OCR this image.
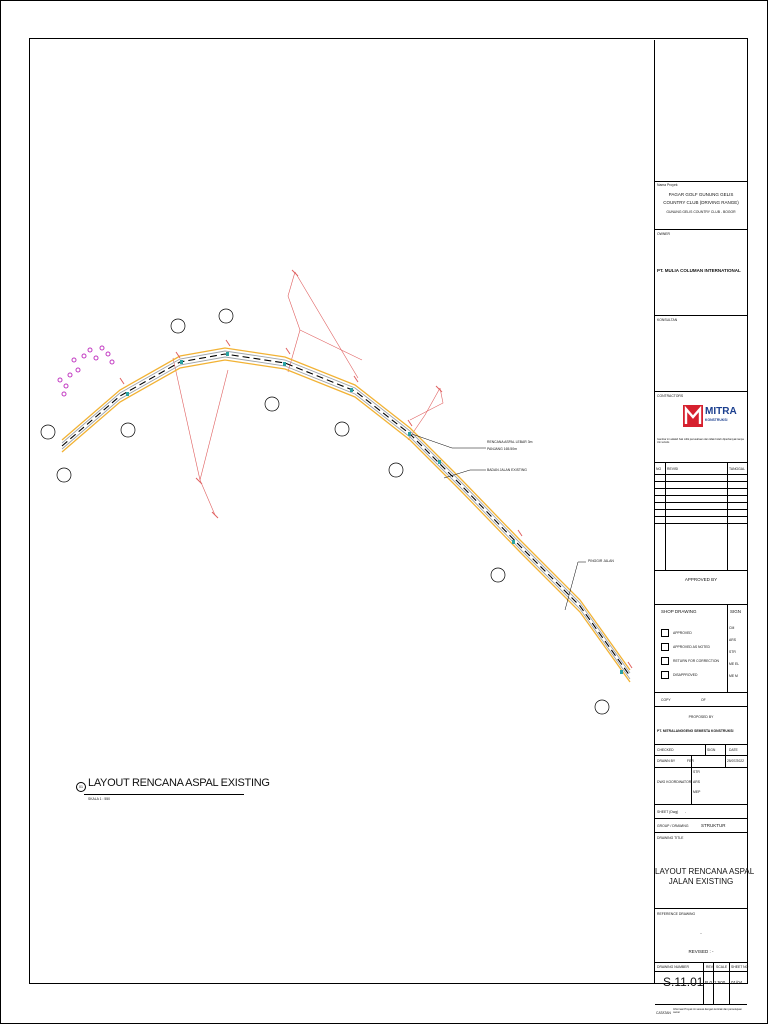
RENCANA ASPAL LEBAR 3m
PANJANG 165.50m
BADAN JALAN EXISTING
PINGGIR JALAN
01 LAYOUT RENCANA ASPAL EXISTING
SKALA 1 : 550
Nama Proyek
PAGAR GOLF GUNUNG GELIS
COUNTRY CLUB (DRIVING RANGE)
GUNUNG GELIS COUNTRY CLUB - BOGOR
OWNER
PT. MULIA COLUMAN INTERNATIONAL
KONSULTAN
CONTRACTORS
MITRA
KONSTRUKSI
Gambar ini adalah hak milik perusahaan dan tidak boleh diperbanyak tanpa izin tertulis
NO REVISI	TANGGAL
APPROVED BY
SHOP DRAWING	SIGN
APPROVED
APPROVED AS NOTED
RETURN FOR CORRECTION
DISAPPROVED
CM
ARS
STR
ME EL
ME M
COPY	OF
PROPOSED BY
PT. MITRALANGGENG SEMESTA KONSTRUKSI
CHECKED	SIGN	DATE
DRAWN BY	FER	25/07/2022
DWG KOORDINATOR
STR
ARS
MEP
SHEET (Dwg) -
GROUP / DRAWING	STRUKTUR
DRAWING TITLE
LAYOUT RENCANA ASPAL
JALAN EXISTING
REFERENCE DRAWING
-
REVISED : -
DRAWING NUMBER	REV SCALE SHEET NO
S.11.01 R.0 1:500 01/04
CATATAN
Informasi Proyek ini sesuai dengan kontrak dan persetujuan owner
